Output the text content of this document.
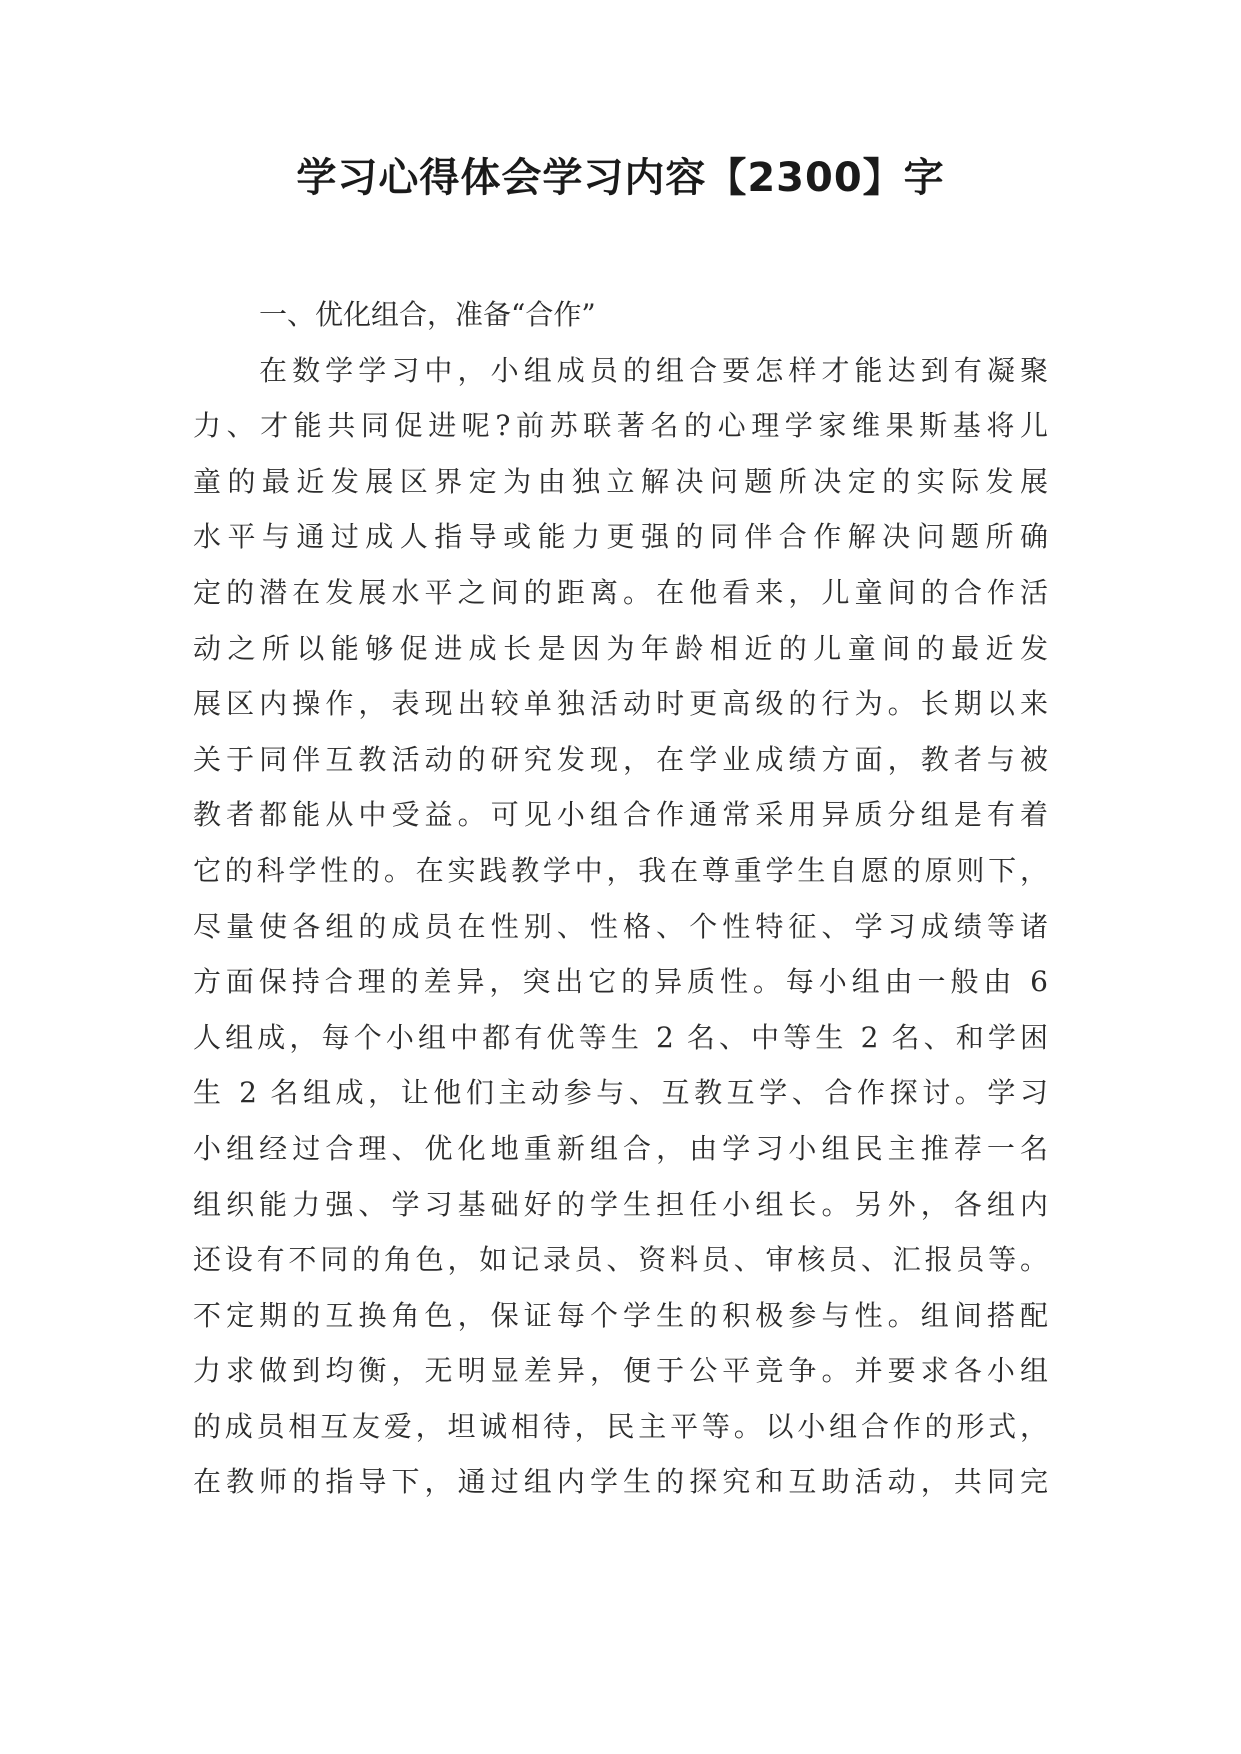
学习心得体会学习内容【2300】字
一、优化组合，准备“合作”
在数学学习中，小组成员的组合要怎样才能达到有凝聚
力、才能共同促进呢?前苏联著名的心理学家维果斯基将儿
童的最近发展区界定为由独立解决问题所决定的实际发展
水平与通过成人指导或能力更强的同伴合作解决问题所确
定的潜在发展水平之间的距离。在他看来，儿童间的合作活
动之所以能够促进成长是因为年龄相近的儿童间的最近发
展区内操作，表现出较单独活动时更高级的行为。长期以来
关于同伴互教活动的研究发现，在学业成绩方面，教者与被
教者都能从中受益。可见小组合作通常采用异质分组是有着
它的科学性的。在实践教学中，我在尊重学生自愿的原则下，
尽量使各组的成员在性别、性格、个性特征、学习成绩等诸
方面保持合理的差异，突出它的异质性。每小组由一般由 6
人组成，每个小组中都有优等生 2 名、中等生 2 名、和学困
生 2 名组成，让他们主动参与、互教互学、合作探讨。学习
小组经过合理、优化地重新组合，由学习小组民主推荐一名
组织能力强、学习基础好的学生担任小组长。另外，各组内
还设有不同的角色，如记录员、资料员、审核员、汇报员等。
不定期的互换角色，保证每个学生的积极参与性。组间搭配
力求做到均衡，无明显差异，便于公平竞争。并要求各小组
的成员相互友爱，坦诚相待，民主平等。以小组合作的形式，
在教师的指导下，通过组内学生的探究和互助活动，共同完
